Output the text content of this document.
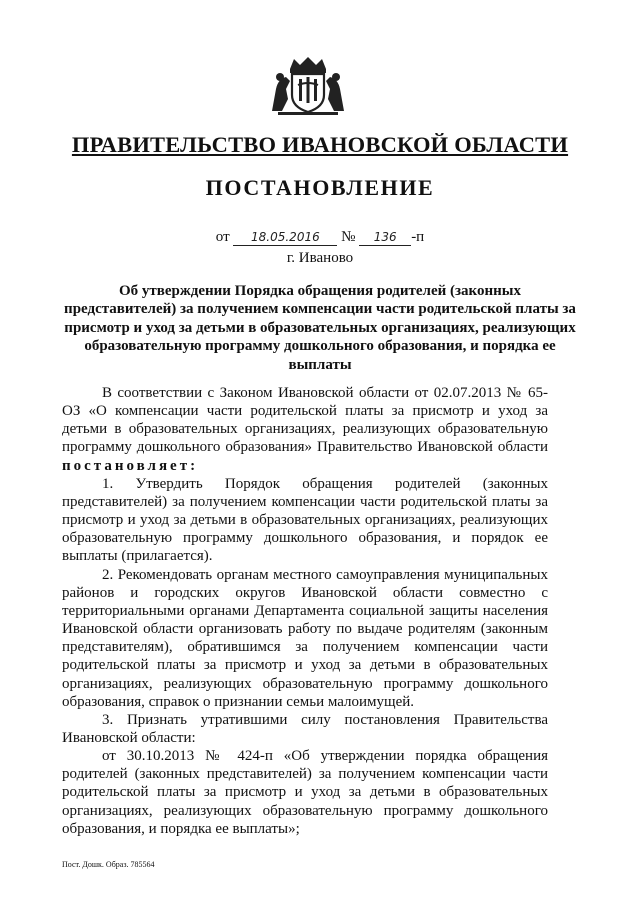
ПРАВИТЕЛЬСТВО ИВАНОВСКОЙ ОБЛАСТИ
ПОСТАНОВЛЕНИЕ
от 18.05.2016 № 136 -п
г. Иваново
Об утверждении Порядка обращения родителей (законных представителей) за получением компенсации части родительской платы за присмотр и уход за детьми в образовательных организациях, реализующих образовательную программу дошкольного образования, и порядка ее выплаты

В соответствии с Законом Ивановской области от 02.07.2013 № 65-ОЗ «О компенсации части родительской платы за присмотр и уход за детьми в образовательных организациях, реализующих образовательную программу дошкольного образования» Правительство Ивановской области постановляет:

1. Утвердить Порядок обращения родителей (законных представителей) за получением компенсации части родительской платы за присмотр и уход за детьми в образовательных организациях, реализующих образовательную программу дошкольного образования, и порядок ее выплаты (прилагается).

2. Рекомендовать органам местного самоуправления муниципальных районов и городских округов Ивановской области совместно с территориальными органами Департамента социальной защиты населения Ивановской области организовать работу по выдаче родителям (законным представителям), обратившимся за получением компенсации части родительской платы за присмотр и уход за детьми в образовательных организациях, реализующих образовательную программу дошкольного образования, справок о признании семьи малоимущей.

3. Признать утратившими силу постановления Правительства Ивановской области:

от 30.10.2013 № 424-п «Об утверждении порядка обращения родителей (законных представителей) за получением компенсации части родительской платы за присмотр и уход за детьми в образовательных организациях, реализующих образовательную программу дошкольного образования, и порядка ее выплаты»;

Пост. Дошк. Образ. 785564
